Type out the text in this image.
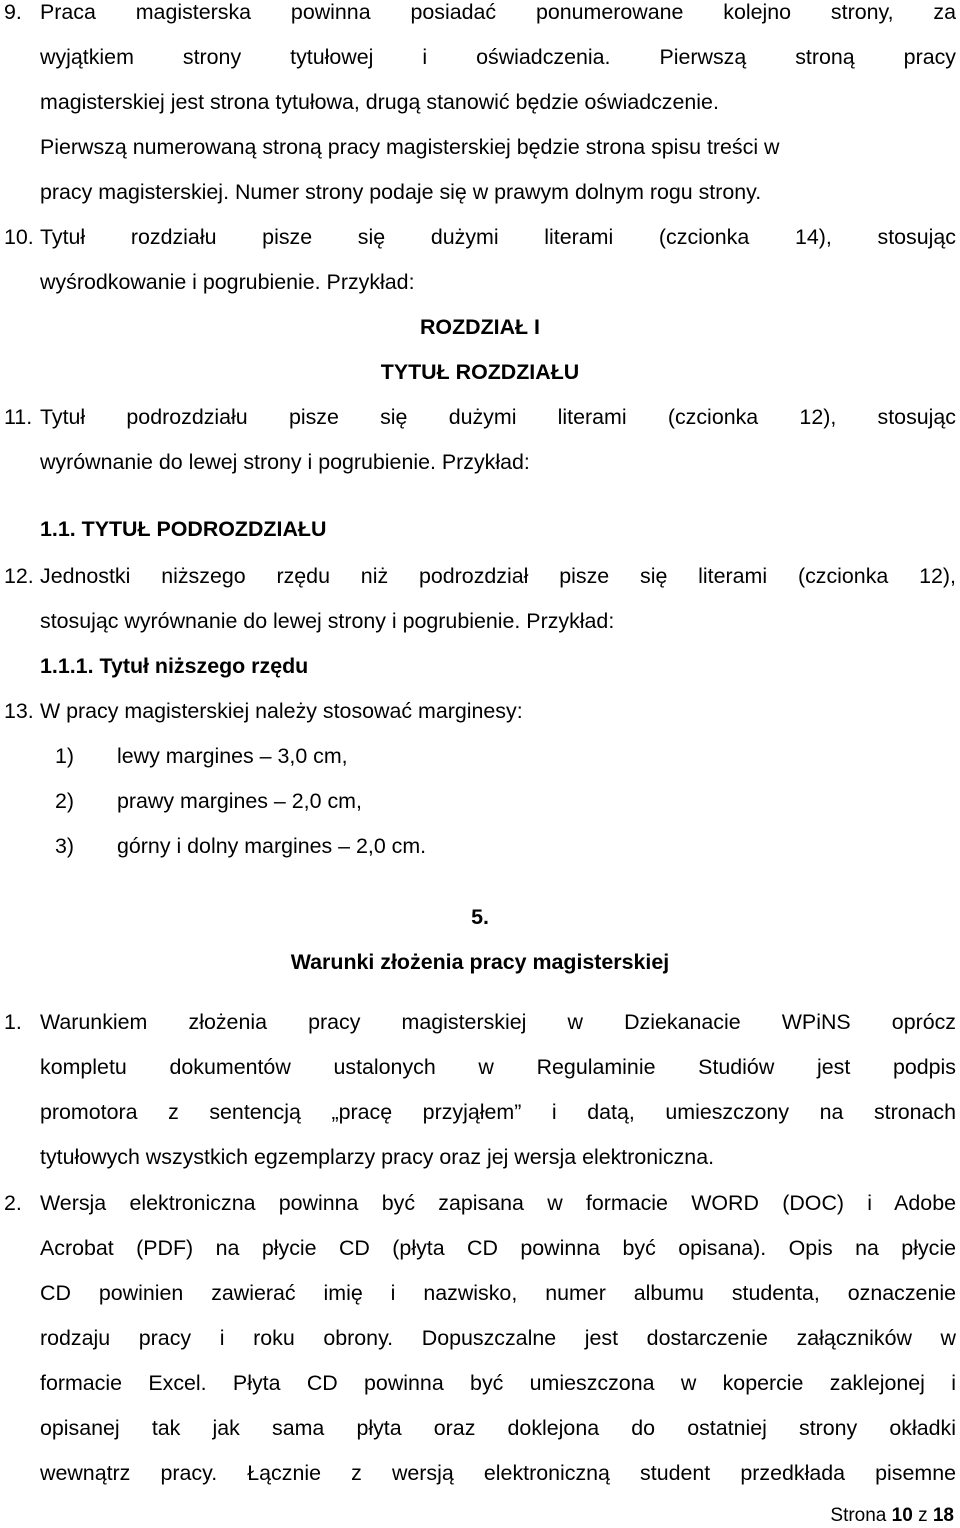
9. Praca magisterska powinna posiadać ponumerowane kolejno strony, za
wyjątkiem strony tytułowej i oświadczenia. Pierwszą stroną pracy
magisterskiej jest strona tytułowa, drugą stanowić będzie oświadczenie.
Pierwszą numerowaną stroną pracy magisterskiej będzie strona spisu treści w
pracy magisterskiej. Numer strony podaje się w prawym dolnym rogu strony.
10. Tytuł rozdziału pisze się dużymi literami (czcionka 14), stosując
wyśrodkowanie i pogrubienie. Przykład:
ROZDZIAŁ I
TYTUŁ ROZDZIAŁU
11. Tytuł podrozdziału pisze się dużymi literami (czcionka 12), stosując
wyrównanie do lewej strony i pogrubienie. Przykład:
1.1. TYTUŁ PODROZDZIAŁU
12. Jednostki niższego rzędu niż podrozdział pisze się literami (czcionka 12),
stosując wyrównanie do lewej strony i pogrubienie. Przykład:
1.1.1. Tytuł niższego rzędu
13. W pracy magisterskiej należy stosować marginesy:
1) lewy margines – 3,0 cm,
2) prawy margines – 2,0 cm,
3) górny i dolny margines – 2,0 cm.
5.
Warunki złożenia pracy magisterskiej
1. Warunkiem złożenia pracy magisterskiej w Dziekanacie WPiNS oprócz
kompletu dokumentów ustalonych w Regulaminie Studiów jest podpis
promotora z sentencją „pracę przyjąłem” i datą, umieszczony na stronach
tytułowych wszystkich egzemplarzy pracy oraz jej wersja elektroniczna.
2. Wersja elektroniczna powinna być zapisana w formacie WORD (DOC) i Adobe
Acrobat (PDF) na płycie CD (płyta CD powinna być opisana). Opis na płycie
CD powinien zawierać imię i nazwisko, numer albumu studenta, oznaczenie
rodzaju pracy i roku obrony. Dopuszczalne jest dostarczenie załączników w
formacie Excel. Płyta CD powinna być umieszczona w kopercie zaklejonej i
opisanej tak jak sama płyta oraz doklejona do ostatniej strony okładki
wewnątrz pracy. Łącznie z wersją elektroniczną student przedkłada pisemne
Strona 10 z 18
